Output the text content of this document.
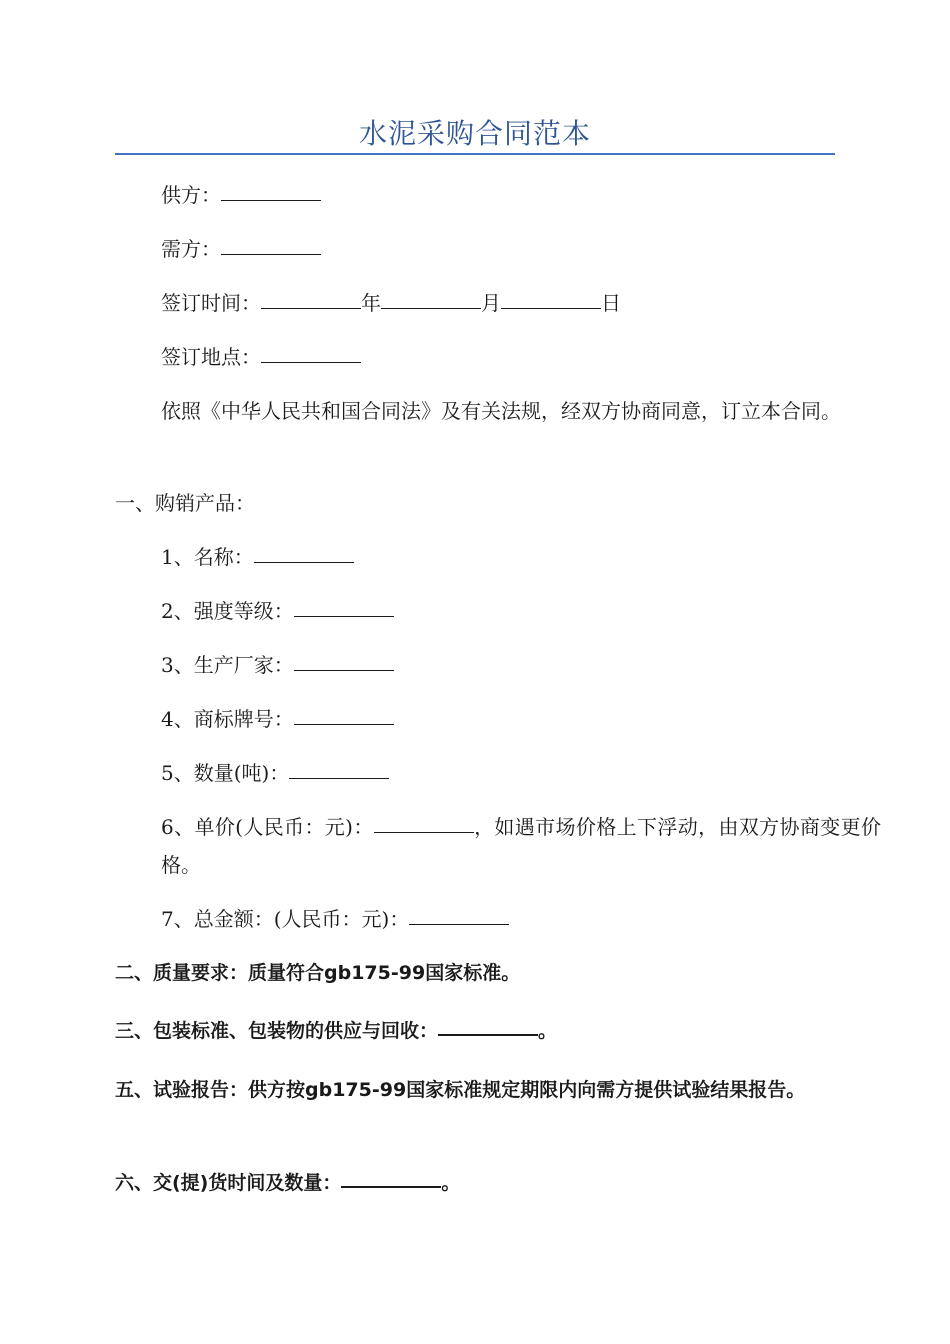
水泥采购合同范本
供方：
需方：
签订时间：	年	月	日
签订地点：
依照《中华人民共和国合同法》及有关法规，经双方协商同意，订立本合同。
一、购销产品：
1、名称：
2、强度等级：
3、生产厂家：
4、商标牌号：
5、数量(吨)：
6、单价(人民币：元)：	，如遇市场价格上下浮动，由双方协商变更价格。
7、总金额：(人民币：元)：
二、质量要求：质量符合gb175-99国家标准。
三、包装标准、包装物的供应与回收：	。
五、试验报告：供方按gb175-99国家标准规定期限内向需方提供试验结果报告。
六、交(提)货时间及数量：	。
